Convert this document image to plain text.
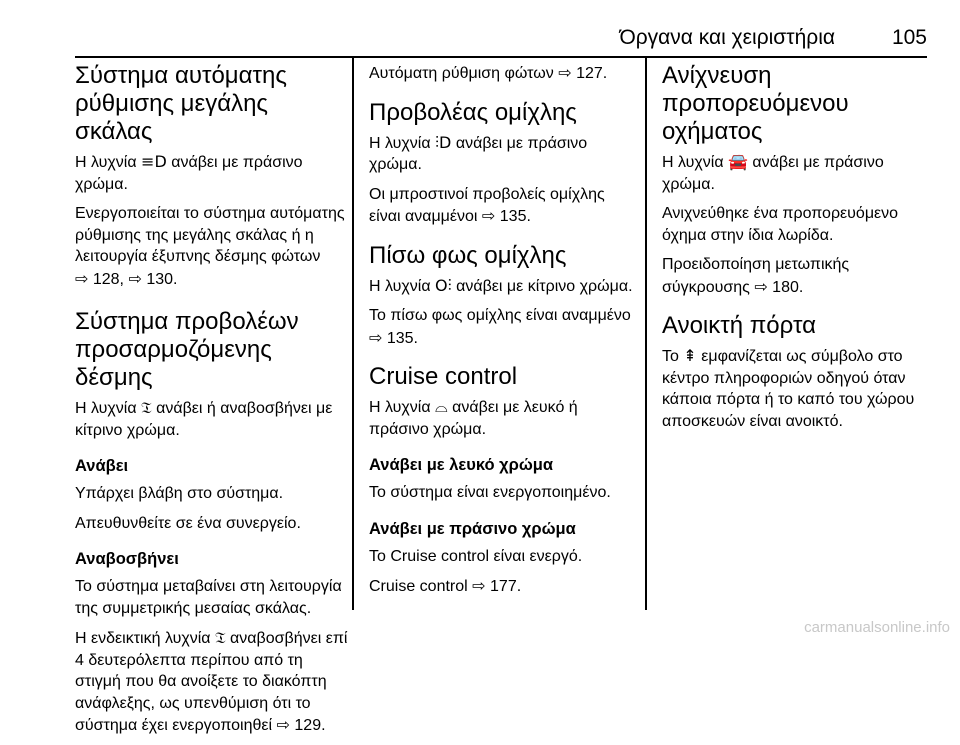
Όργανα και χειριστήρια	105
Σύστημα αυτόματης ρύθμισης μεγάλης σκάλας

Η λυχνία ≡D ανάβει με πράσινο χρώμα.

Ενεργοποιείται το σύστημα αυτόματης ρύθμισης της μεγάλης σκάλας ή η λειτουργία έξυπνης δέσμης φώτων
⇨ 128, ⇨ 130.

Σύστημα προβολέων προσαρμοζόμενης δέσμης

Η λυχνία 𝔗 ανάβει ή αναβοσβήνει με κίτρινο χρώμα.

Ανάβει

Υπάρχει βλάβη στο σύστημα.

Απευθυνθείτε σε ένα συνεργείο.

Αναβοσβήνει

Το σύστημα μεταβαίνει στη λειτουργία της συμμετρικής μεσαίας σκάλας.

Η ενδεικτική λυχνία 𝔗 αναβοσβήνει επί 4 δευτερόλεπτα περίπου από τη στιγμή που θα ανοίξετε το διακόπτη ανάφλεξης, ως υπενθύμιση ότι το σύστημα έχει ενεργοποιηθεί ⇨ 129.

Αυτόματη ρύθμιση φώτων ⇨ 127.

Προβολέας ομίχλης

Η λυχνία ⫶D ανάβει με πράσινο χρώμα.

Οι μπροστινοί προβολείς ομίχλης είναι αναμμένοι ⇨ 135.

Πίσω φως ομίχλης

Η λυχνία O⫶ ανάβει με κίτρινο χρώμα.

Το πίσω φως ομίχλης είναι αναμμένο ⇨ 135.

Cruise control

Η λυχνία ⌓ ανάβει με λευκό ή πράσινο χρώμα.

Ανάβει με λευκό χρώμα

Το σύστημα είναι ενεργοποιημένο.

Ανάβει με πράσινο χρώμα

Το Cruise control είναι ενεργό.

Cruise control ⇨ 177.

Ανίχνευση προπορευόμενου οχήματος

Η λυχνία 🚘 ανάβει με πράσινο χρώμα.

Ανιχνεύθηκε ένα προπορευόμενο όχημα στην ίδια λωρίδα.

Προειδοποίηση μετωπικής σύγκρουσης ⇨ 180.

Ανοικτή πόρτα

Το ⇞ εμφανίζεται ως σύμβολο στο κέντρο πληροφοριών οδηγού όταν κάποια πόρτα ή το καπό του χώρου αποσκευών είναι ανοικτό.

carmanualsonline.info
